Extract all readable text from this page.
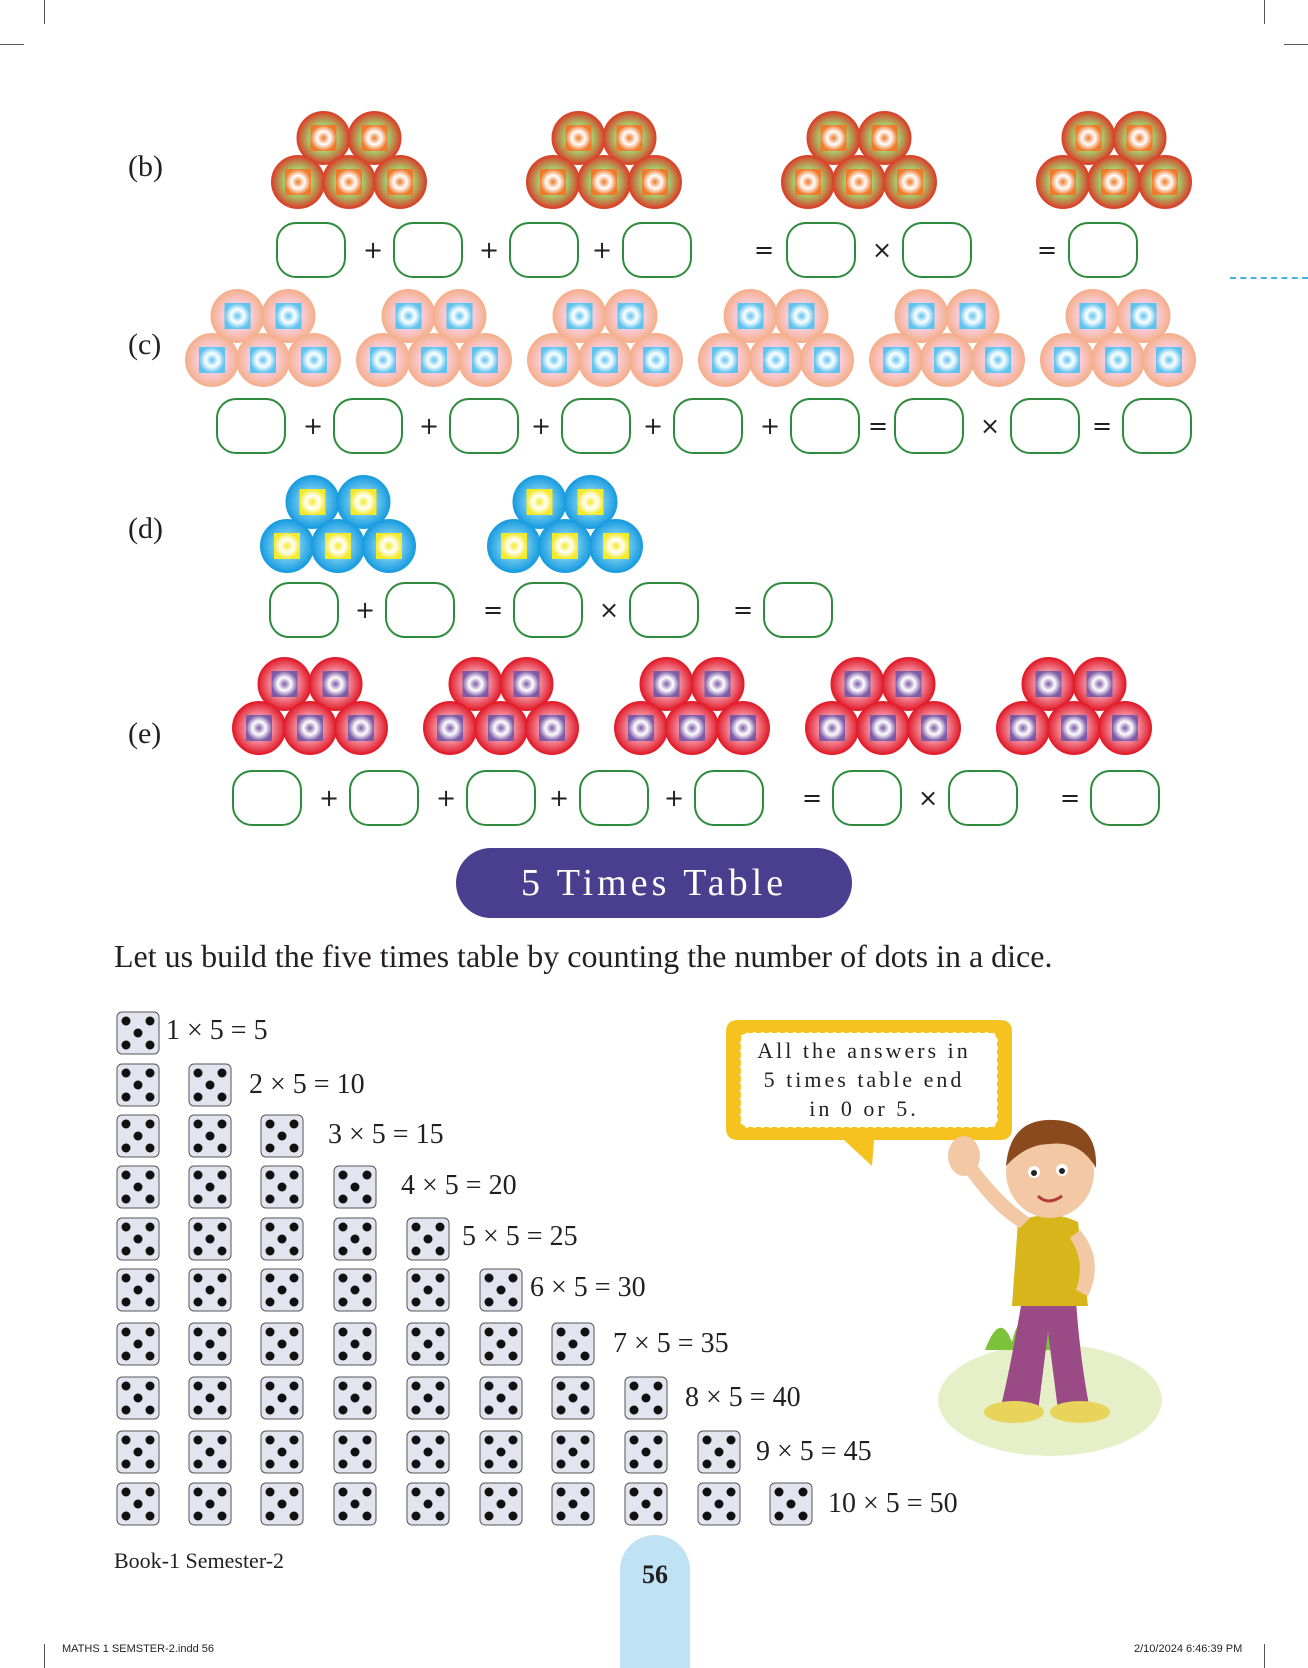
(b)
(c)
(d)
(e)
+	+	+	=	×	=
+	+	+	+	+	=	×	=
+	=	×	=
+	+	+	+	=	×	=
5 Times Table
Let us build the five times table by counting the number of dots in a dice.
1 × 5 = 5
2 × 5 = 10
3 × 5 = 15
4 × 5 = 20
5 × 5 = 25
6 × 5 = 30
7 × 5 = 35
8 × 5 = 40
9 × 5 = 45
10 × 5 = 50
All the answers in
5 times table end
in 0 or 5.
Book-1 Semester-2	56
MATHS 1 SEMSTER-2.indd 56	2/10/2024 6:46:39 PM
